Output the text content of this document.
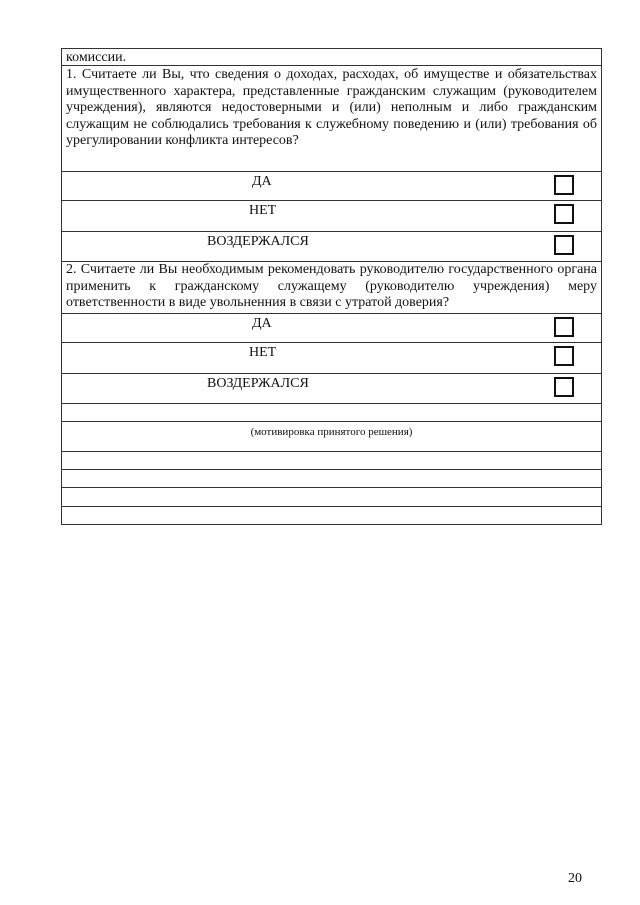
комиссии.
1. Считаете ли Вы, что сведения о доходах, расходах, об имуществе и обязательствах имущественного характера, представленные гражданским служащим (руководителем учреждения), являются недостоверными и (или) неполным и либо гражданским служащим не соблюдались требования к служебному поведению и (или) требования об урегулировании конфликта интересов?
ДА
НЕТ
ВОЗДЕРЖАЛСЯ
2. Считаете ли Вы необходимым рекомендовать руководителю государственного органа применить к гражданскому служащему (руководителю учреждения) меру ответственности в виде увольненния в связи с утратой доверия?
ДА
НЕТ
ВОЗДЕРЖАЛСЯ
(мотивировка принятого решения)
20
